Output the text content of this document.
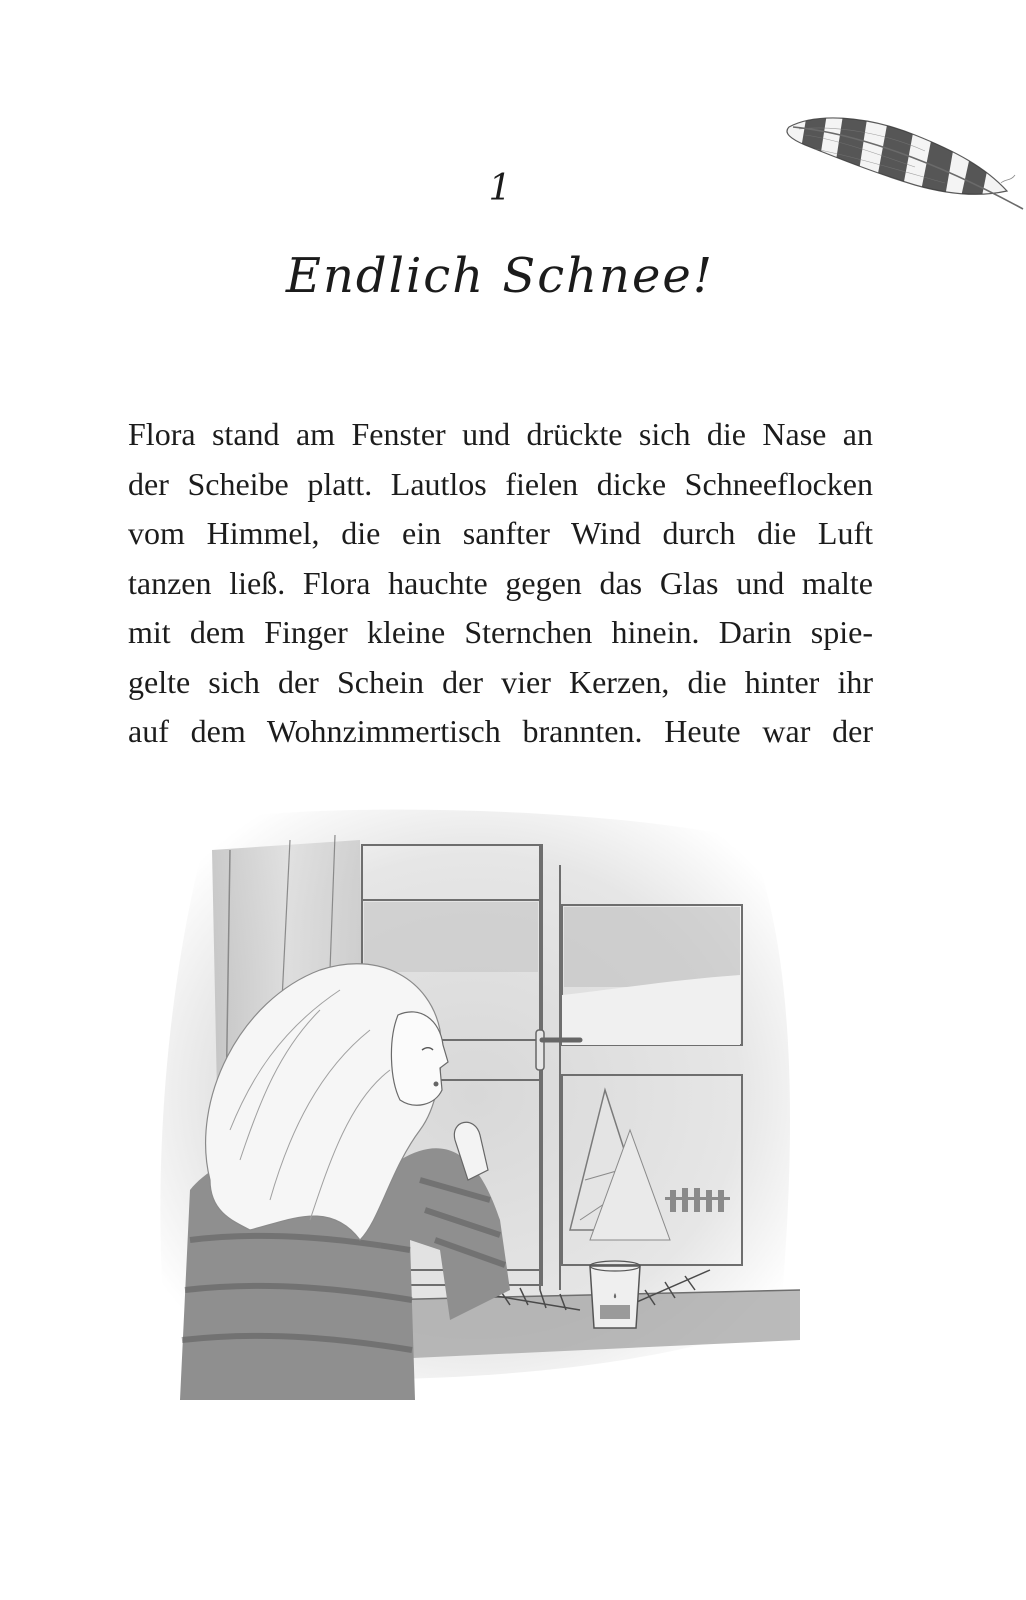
1
Endlich Schnee!
Flora stand am Fenster und drückte sich die Nase an
der Scheibe platt. Lautlos fielen dicke Schneeflocken
vom Himmel, die ein sanfter Wind durch die Luft
tanzen ließ. Flora hauchte gegen das Glas und malte
mit dem Finger kleine Sternchen hinein. Darin spie-
gelte sich der Schein der vier Kerzen, die hinter ihr
auf dem Wohnzimmertisch brannten. Heute war der
